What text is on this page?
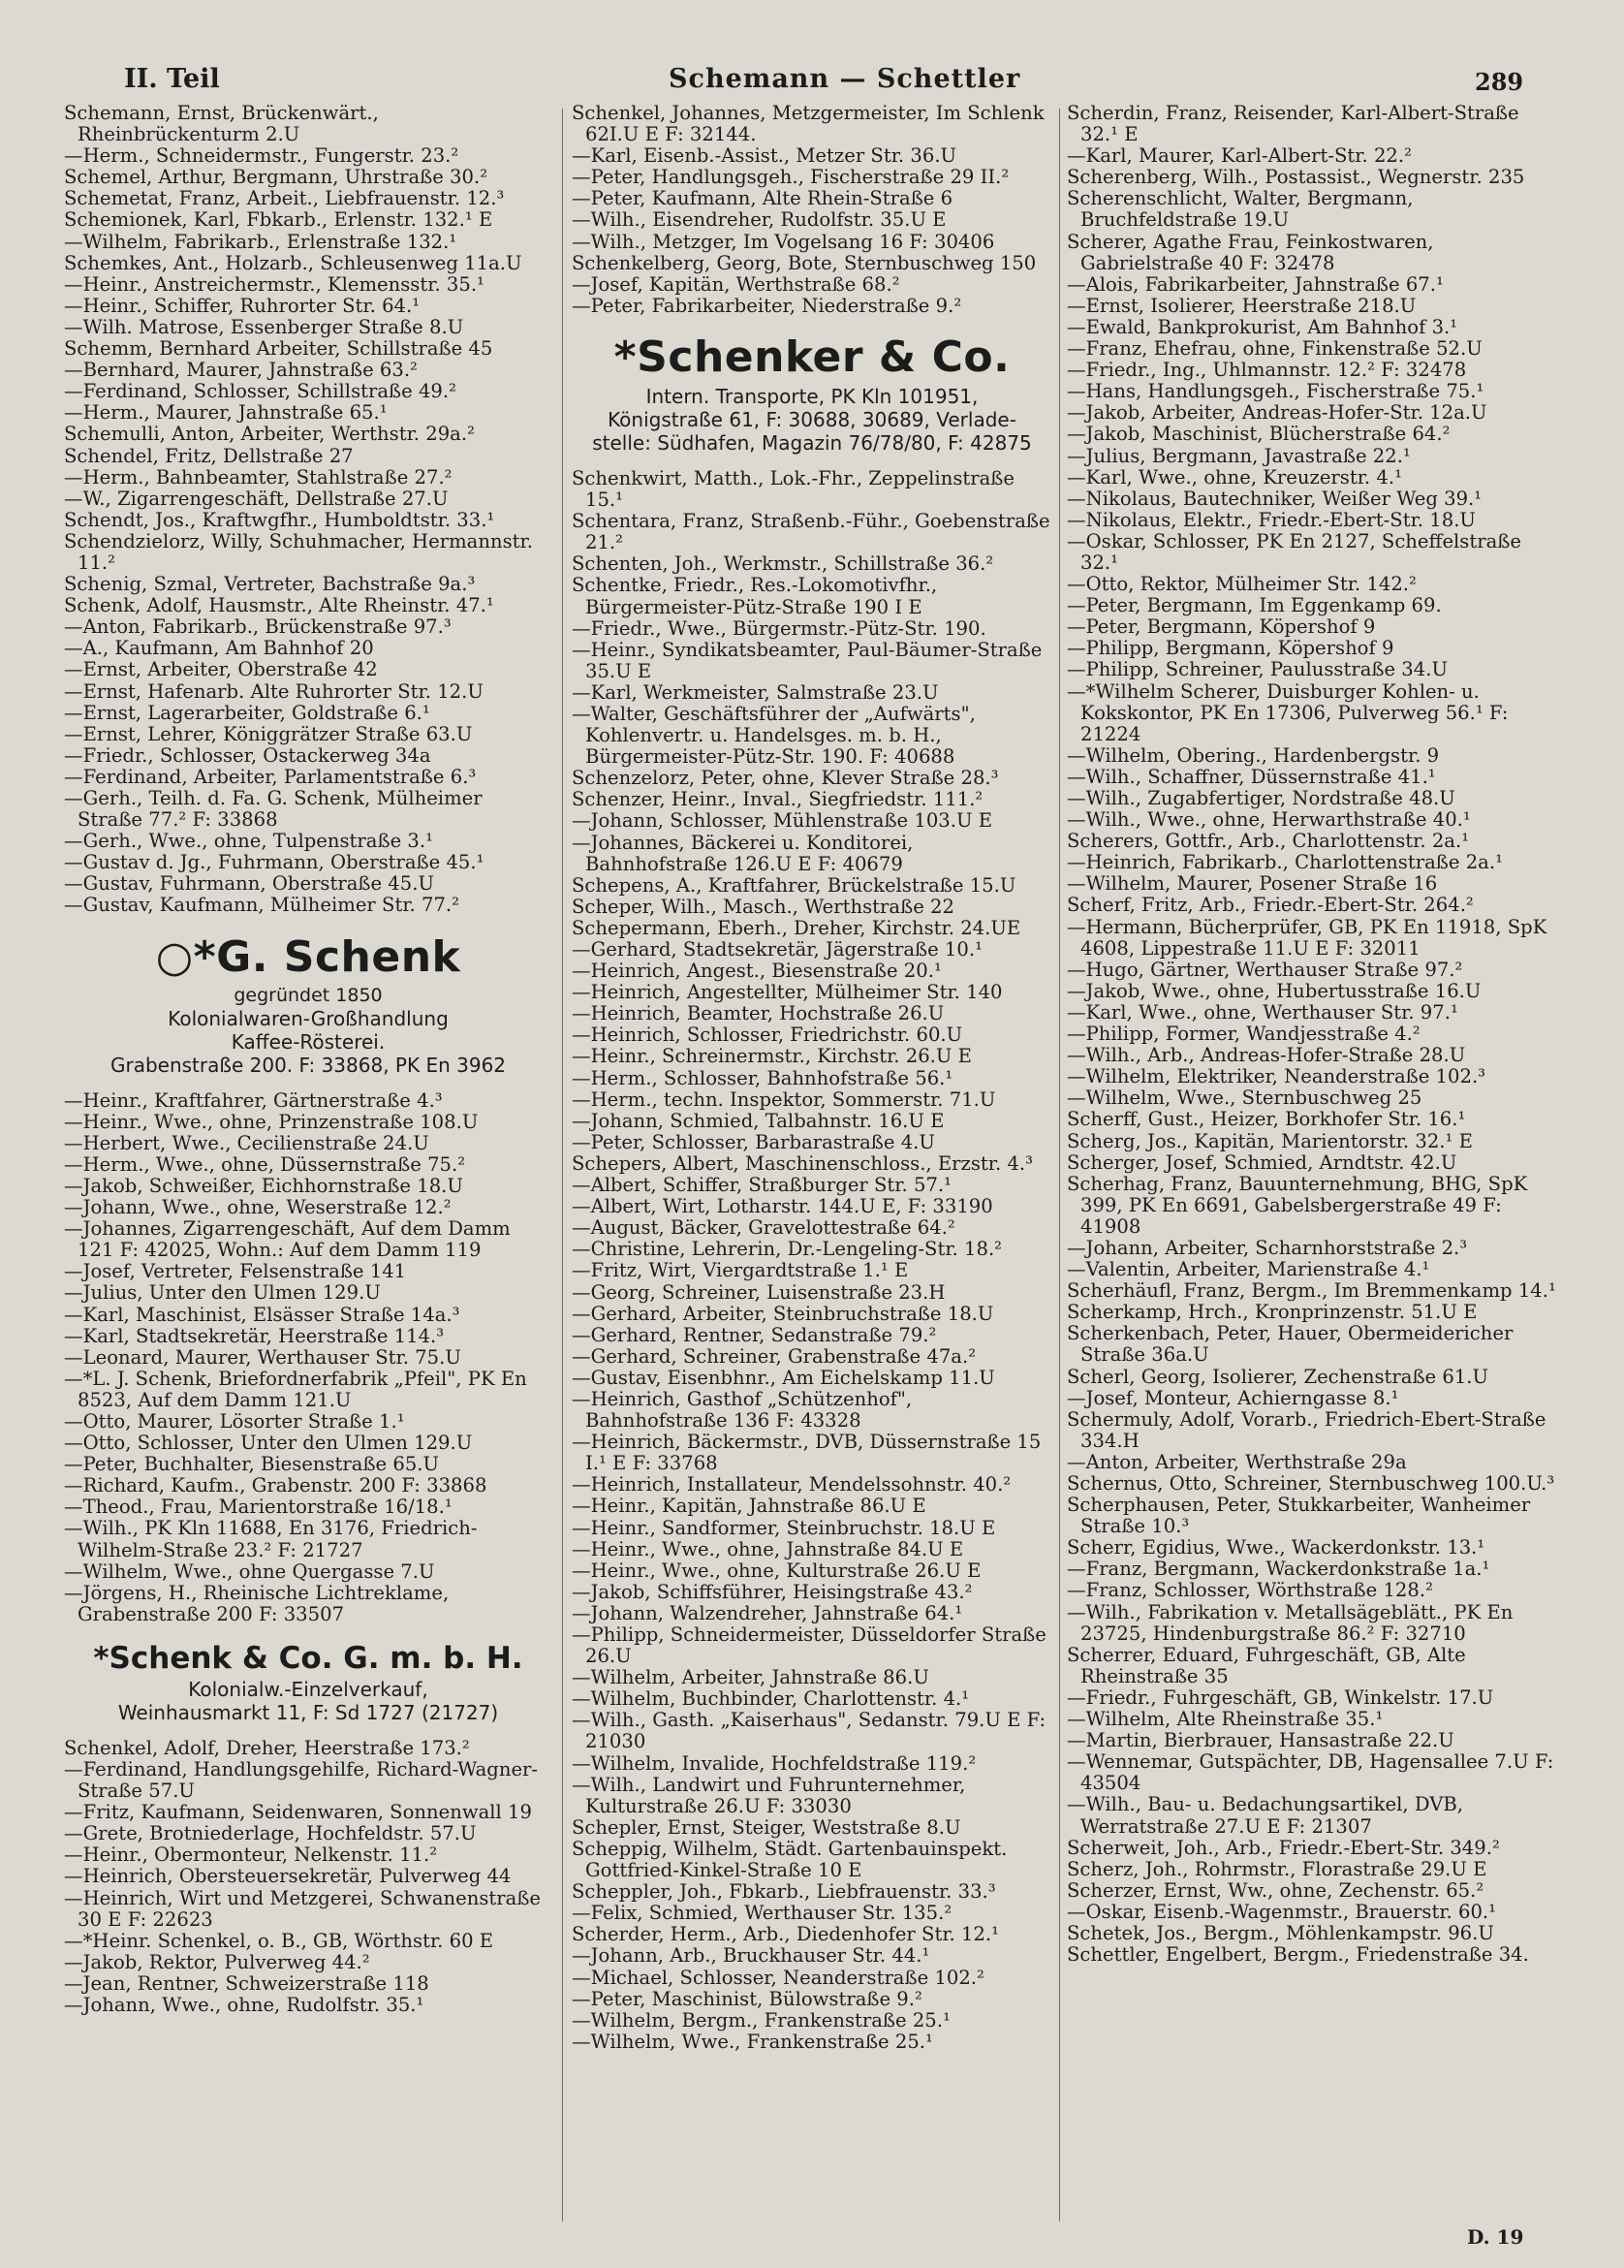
II. Teil	Schemann — Schettler	289
Schemann, Ernst, Brückenwärt., Rheinbrückenturm 2.U
—Herm., Schneidermstr., Fungerstr. 23.²
Schemel, Arthur, Bergmann, Uhrstraße 30.²
Schemetat, Franz, Arbeit., Liebfrauenstr. 12.³
Schemionek, Karl, Fbkarb., Erlenstr. 132.¹ E
—Wilhelm, Fabrikarb., Erlenstraße 132.¹
Schemkes, Ant., Holzarb., Schleusenweg 11a.U
—Heinr., Anstreichermstr., Klemensstr. 35.¹
—Heinr., Schiffer, Ruhrorter Str. 64.¹
—Wilh. Matrose, Essenberger Straße 8.U
Schemm, Bernhard Arbeiter, Schillstraße 45
—Bernhard, Maurer, Jahnstraße 63.²
—Ferdinand, Schlosser, Schillstraße 49.²
—Herm., Maurer, Jahnstraße 65.¹
Schemulli, Anton, Arbeiter, Werthstr. 29a.²
Schendel, Fritz, Dellstraße 27
—Herm., Bahnbeamter, Stahlstraße 27.²
—W., Zigarrengeschäft, Dellstraße 27.U
Schendt, Jos., Kraftwgfhr., Humboldtstr. 33.¹
Schendzielorz, Willy, Schuhmacher, Hermannstr. 11.²
Schenig, Szmal, Vertreter, Bachstraße 9a.³
Schenk, Adolf, Hausmstr., Alte Rheinstr. 47.¹
—Anton, Fabrikarb., Brückenstraße 97.³
—A., Kaufmann, Am Bahnhof 20
—Ernst, Arbeiter, Oberstraße 42
—Ernst, Hafenarb. Alte Ruhrorter Str. 12.U
—Ernst, Lagerarbeiter, Goldstraße 6.¹
—Ernst, Lehrer, Königgrätzer Straße 63.U
—Friedr., Schlosser, Ostackerweg 34a
—Ferdinand, Arbeiter, Parlamentstraße 6.³
—Gerh., Teilh. d. Fa. G. Schenk, Mülheimer Straße 77.² F: 33868
—Gerh., Wwe., ohne, Tulpenstraße 3.¹
—Gustav d. Jg., Fuhrmann, Oberstraße 45.¹
—Gustav, Fuhrmann, Oberstraße 45.U
—Gustav, Kaufmann, Mülheimer Str. 77.²
○*G. Schenk
gegründet 1850
Kolonialwaren-Großhandlung
Kaffee-Rösterei.
Grabenstraße 200. F: 33868, PK En 3962
—Heinr., Kraftfahrer, Gärtnerstraße 4.³
—Heinr., Wwe., ohne, Prinzenstraße 108.U
—Herbert, Wwe., Cecilienstraße 24.U
—Herm., Wwe., ohne, Düssernstraße 75.²
—Jakob, Schweißer, Eichhornstraße 18.U
—Johann, Wwe., ohne, Weserstraße 12.²
—Johannes, Zigarrengeschäft, Auf dem Damm 121 F: 42025, Wohn.: Auf dem Damm 119
—Josef, Vertreter, Felsenstraße 141
—Julius, Unter den Ulmen 129.U
—Karl, Maschinist, Elsässer Straße 14a.³
—Karl, Stadtsekretär, Heerstraße 114.³
—Leonard, Maurer, Werthauser Str. 75.U
—*L. J. Schenk, Briefordnerfabrik „Pfeil", PK En 8523, Auf dem Damm 121.U
—Otto, Maurer, Lösorter Straße 1.¹
—Otto, Schlosser, Unter den Ulmen 129.U
—Peter, Buchhalter, Biesenstraße 65.U
—Richard, Kaufm., Grabenstr. 200 F: 33868
—Theod., Frau, Marientorstraße 16/18.¹
—Wilh., PK Kln 11688, En 3176, Friedrich-Wilhelm-Straße 23.² F: 21727
—Wilhelm, Wwe., ohne Quergasse 7.U
—Jörgens, H., Rheinische Lichtreklame, Grabenstraße 200 F: 33507
*Schenk & Co. G. m. b. H.
Kolonialw.-Einzelverkauf,
Weinhausmarkt 11, F: Sd 1727 (21727)
Schenkel, Adolf, Dreher, Heerstraße 173.²
—Ferdinand, Handlungsgehilfe, Richard-Wagner-Straße 57.U
—Fritz, Kaufmann, Seidenwaren, Sonnenwall 19
—Grete, Brotniederlage, Hochfeldstr. 57.U
—Heinr., Obermonteur, Nelkenstr. 11.²
—Heinrich, Obersteuersekretär, Pulverweg 44
—Heinrich, Wirt und Metzgerei, Schwanenstraße 30 E F: 22623
—*Heinr. Schenkel, o. B., GB, Wörthstr. 60 E
—Jakob, Rektor, Pulverweg 44.²
—Jean, Rentner, Schweizerstraße 118
—Johann, Wwe., ohne, Rudolfstr. 35.¹
Schenkel, Johannes, Metzgermeister, Im Schlenk 62I.U E F: 32144.
—Karl, Eisenb.-Assist., Metzer Str. 36.U
—Peter, Handlungsgeh., Fischerstraße 29 II.²
—Peter, Kaufmann, Alte Rhein-Straße 6
—Wilh., Eisendreher, Rudolfstr. 35.U E
—Wilh., Metzger, Im Vogelsang 16 F: 30406
Schenkelberg, Georg, Bote, Sternbuschweg 150
—Josef, Kapitän, Werthstraße 68.²
—Peter, Fabrikarbeiter, Niederstraße 9.²
*Schenker & Co.
Intern. Transporte, PK Kln 101951,
Königstraße 61, F: 30688, 30689, Verlade-
stelle: Südhafen, Magazin 76/78/80, F: 42875
Schenkwirt, Matth., Lok.-Fhr., Zeppelinstraße 15.¹
Schentara, Franz, Straßenb.-Führ., Goebenstraße 21.²
Schenten, Joh., Werkmstr., Schillstraße 36.²
Schentke, Friedr., Res.-Lokomotivfhr., Bürgermeister-Pütz-Straße 190 I E
—Friedr., Wwe., Bürgermstr.-Pütz-Str. 190.
—Heinr., Syndikatsbeamter, Paul-Bäumer-Straße 35.U E
—Karl, Werkmeister, Salmstraße 23.U
—Walter, Geschäftsführer der „Aufwärts", Kohlenvertr. u. Handelsges. m. b. H., Bürgermeister-Pütz-Str. 190. F: 40688
Schenzelorz, Peter, ohne, Klever Straße 28.³
Schenzer, Heinr., Inval., Siegfriedstr. 111.²
—Johann, Schlosser, Mühlenstraße 103.U E
—Johannes, Bäckerei u. Konditorei, Bahnhofstraße 126.U E F: 40679
Schepens, A., Kraftfahrer, Brückelstraße 15.U
Scheper, Wilh., Masch., Werthstraße 22
Schepermann, Eberh., Dreher, Kirchstr. 24.UE
—Gerhard, Stadtsekretär, Jägerstraße 10.¹
—Heinrich, Angest., Biesenstraße 20.¹
—Heinrich, Angestellter, Mülheimer Str. 140
—Heinrich, Beamter, Hochstraße 26.U
—Heinrich, Schlosser, Friedrichstr. 60.U
—Heinr., Schreinermstr., Kirchstr. 26.U E
—Herm., Schlosser, Bahnhofstraße 56.¹
—Herm., techn. Inspektor, Sommerstr. 71.U
—Johann, Schmied, Talbahnstr. 16.U E
—Peter, Schlosser, Barbarastraße 4.U
Schepers, Albert, Maschinenschloss., Erzstr. 4.³
—Albert, Schiffer, Straßburger Str. 57.¹
—Albert, Wirt, Lotharstr. 144.U E, F: 33190
—August, Bäcker, Gravelottestraße 64.²
—Christine, Lehrerin, Dr.-Lengeling-Str. 18.²
—Fritz, Wirt, Viergardtstraße 1.¹ E
—Georg, Schreiner, Luisenstraße 23.H
—Gerhard, Arbeiter, Steinbruchstraße 18.U
—Gerhard, Rentner, Sedanstraße 79.²
—Gerhard, Schreiner, Grabenstraße 47a.²
—Gustav, Eisenbhnr., Am Eichelskamp 11.U
—Heinrich, Gasthof „Schützenhof", Bahnhofstraße 136 F: 43328
—Heinrich, Bäckermstr., DVB, Düssernstraße 15 I.¹ E F: 33768
—Heinrich, Installateur, Mendelssohnstr. 40.²
—Heinr., Kapitän, Jahnstraße 86.U E
—Heinr., Sandformer, Steinbruchstr. 18.U E
—Heinr., Wwe., ohne, Jahnstraße 84.U E
—Heinr., Wwe., ohne, Kulturstraße 26.U E
—Jakob, Schiffsführer, Heisingstraße 43.²
—Johann, Walzendreher, Jahnstraße 64.¹
—Philipp, Schneidermeister, Düsseldorfer Straße 26.U
—Wilhelm, Arbeiter, Jahnstraße 86.U
—Wilhelm, Buchbinder, Charlottenstr. 4.¹
—Wilh., Gasth. „Kaiserhaus", Sedanstr. 79.U E F: 21030
—Wilhelm, Invalide, Hochfeldstraße 119.²
—Wilh., Landwirt und Fuhrunternehmer, Kulturstraße 26.U F: 33030
Schepler, Ernst, Steiger, Weststraße 8.U
Scheppig, Wilhelm, Städt. Gartenbauinspekt. Gottfried-Kinkel-Straße 10 E
Scheppler, Joh., Fbkarb., Liebfrauenstr. 33.³
—Felix, Schmied, Werthauser Str. 135.²
Scherder, Herm., Arb., Diedenhofer Str. 12.¹
—Johann, Arb., Bruckhauser Str. 44.¹
—Michael, Schlosser, Neanderstraße 102.²
—Peter, Maschinist, Bülowstraße 9.²
—Wilhelm, Bergm., Frankenstraße 25.¹
—Wilhelm, Wwe., Frankenstraße 25.¹
Scherdin, Franz, Reisender, Karl-Albert-Straße 32.¹ E
—Karl, Maurer, Karl-Albert-Str. 22.²
Scherenberg, Wilh., Postassist., Wegnerstr. 235
Scherenschlicht, Walter, Bergmann, Bruchfeldstraße 19.U
Scherer, Agathe Frau, Feinkostwaren, Gabrielstraße 40 F: 32478
—Alois, Fabrikarbeiter, Jahnstraße 67.¹
—Ernst, Isolierer, Heerstraße 218.U
—Ewald, Bankprokurist, Am Bahnhof 3.¹
—Franz, Ehefrau, ohne, Finkenstraße 52.U
—Friedr., Ing., Uhlmannstr. 12.² F: 32478
—Hans, Handlungsgeh., Fischerstraße 75.¹
—Jakob, Arbeiter, Andreas-Hofer-Str. 12a.U
—Jakob, Maschinist, Blücherstraße 64.²
—Julius, Bergmann, Javastraße 22.¹
—Karl, Wwe., ohne, Kreuzerstr. 4.¹
—Nikolaus, Bautechniker, Weißer Weg 39.¹
—Nikolaus, Elektr., Friedr.-Ebert-Str. 18.U
—Oskar, Schlosser, PK En 2127, Scheffelstraße 32.¹
—Otto, Rektor, Mülheimer Str. 142.²
—Peter, Bergmann, Im Eggenkamp 69.
—Peter, Bergmann, Köpershof 9
—Philipp, Bergmann, Köpershof 9
—Philipp, Schreiner, Paulusstraße 34.U
—*Wilhelm Scherer, Duisburger Kohlen- u. Kokskontor, PK En 17306, Pulverweg 56.¹ F: 21224
—Wilhelm, Obering., Hardenbergstr. 9
—Wilh., Schaffner, Düssernstraße 41.¹
—Wilh., Zugabfertiger, Nordstraße 48.U
—Wilh., Wwe., ohne, Herwarthstraße 40.¹
Scherers, Gottfr., Arb., Charlottenstr. 2a.¹
—Heinrich, Fabrikarb., Charlottenstraße 2a.¹
—Wilhelm, Maurer, Posener Straße 16
Scherf, Fritz, Arb., Friedr.-Ebert-Str. 264.²
—Hermann, Bücherprüfer, GB, PK En 11918, SpK 4608, Lippestraße 11.U E F: 32011
—Hugo, Gärtner, Werthauser Straße 97.²
—Jakob, Wwe., ohne, Hubertusstraße 16.U
—Karl, Wwe., ohne, Werthauser Str. 97.¹
—Philipp, Former, Wandjesstraße 4.²
—Wilh., Arb., Andreas-Hofer-Straße 28.U
—Wilhelm, Elektriker, Neanderstraße 102.³
—Wilhelm, Wwe., Sternbuschweg 25
Scherff, Gust., Heizer, Borkhofer Str. 16.¹
Scherg, Jos., Kapitän, Marientorstr. 32.¹ E
Scherger, Josef, Schmied, Arndtstr. 42.U
Scherhag, Franz, Bauunternehmung, BHG, SpK 399, PK En 6691, Gabelsbergerstraße 49 F: 41908
—Johann, Arbeiter, Scharnhorststraße 2.³
—Valentin, Arbeiter, Marienstraße 4.¹
Scherhäufl, Franz, Bergm., Im Bremmenkamp 14.¹
Scherkamp, Hrch., Kronprinzenstr. 51.U E
Scherkenbach, Peter, Hauer, Obermeidericher Straße 36a.U
Scherl, Georg, Isolierer, Zechenstraße 61.U
—Josef, Monteur, Achierngasse 8.¹
Schermuly, Adolf, Vorarb., Friedrich-Ebert-Straße 334.H
—Anton, Arbeiter, Werthstraße 29a
Schernus, Otto, Schreiner, Sternbuschweg 100.U.³
Scherphausen, Peter, Stukkarbeiter, Wanheimer Straße 10.³
Scherr, Egidius, Wwe., Wackerdonkstr. 13.¹
—Franz, Bergmann, Wackerdonkstraße 1a.¹
—Franz, Schlosser, Wörthstraße 128.²
—Wilh., Fabrikation v. Metallsägeblätt., PK En 23725, Hindenburgstraße 86.² F: 32710
Scherrer, Eduard, Fuhrgeschäft, GB, Alte Rheinstraße 35
—Friedr., Fuhrgeschäft, GB, Winkelstr. 17.U
—Wilhelm, Alte Rheinstraße 35.¹
—Martin, Bierbrauer, Hansastraße 22.U
—Wennemar, Gutspächter, DB, Hagensallee 7.U F: 43504
—Wilh., Bau- u. Bedachungsartikel, DVB, Werratstraße 27.U E F: 21307
Scherweit, Joh., Arb., Friedr.-Ebert-Str. 349.²
Scherz, Joh., Rohrmstr., Florastraße 29.U E
Scherzer, Ernst, Ww., ohne, Zechenstr. 65.²
—Oskar, Eisenb.-Wagenmstr., Brauerstr. 60.¹
Schetek, Jos., Bergm., Möhlenkampstr. 96.U
Schettler, Engelbert, Bergm., Friedenstraße 34.
D. 19
